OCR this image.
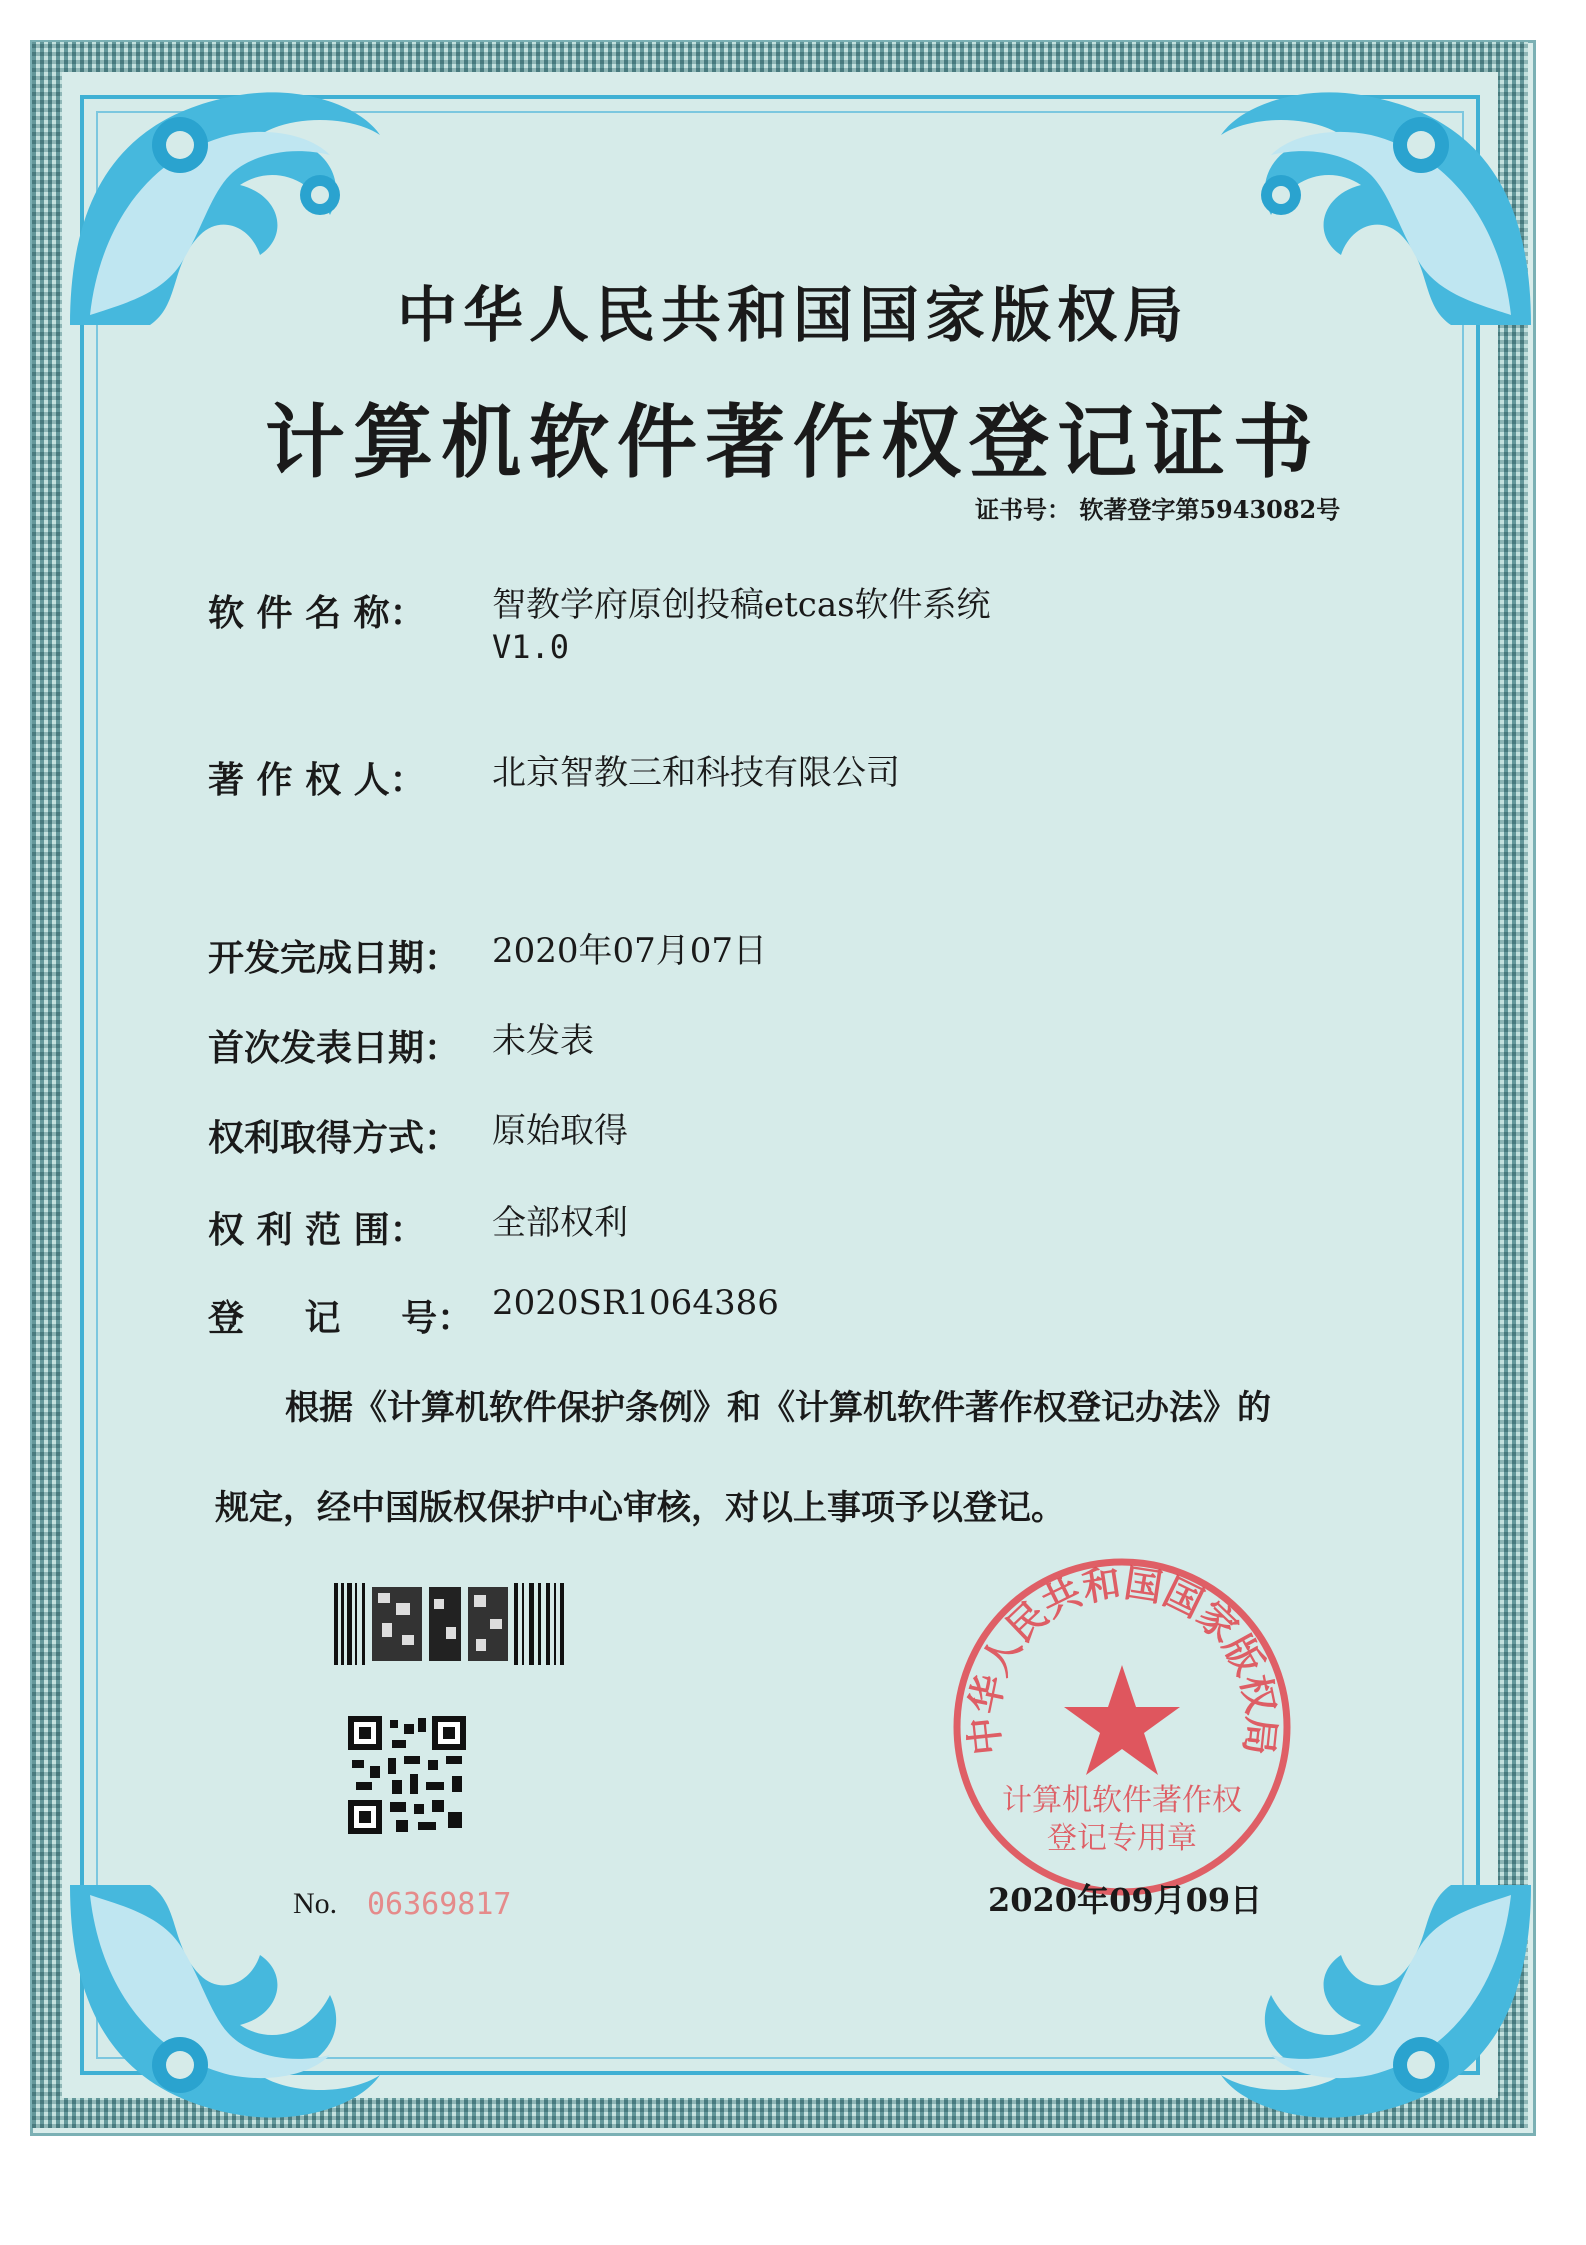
中华人民共和国国家版权局
计算机软件著作权登记证书
证书号： 软著登字第5943082号
软 件 名 称： 智教学府原创投稿etcas软件系统
V1.0
著 作 权 人： 北京智教三和科技有限公司
开发完成日期： 2020年07月07日
首次发表日期： 未发表
权利取得方式： 原始取得
权 利 范 围： 全部权利
登 记 号： 2020SR1064386
根据《计算机软件保护条例》和《计算机软件著作权登记办法》的
规定，经中国版权保护中心审核，对以上事项予以登记。
No. 06369817
中华人民共和国国家版权局
计算机软件著作权
登记专用章
2020年09月09日
